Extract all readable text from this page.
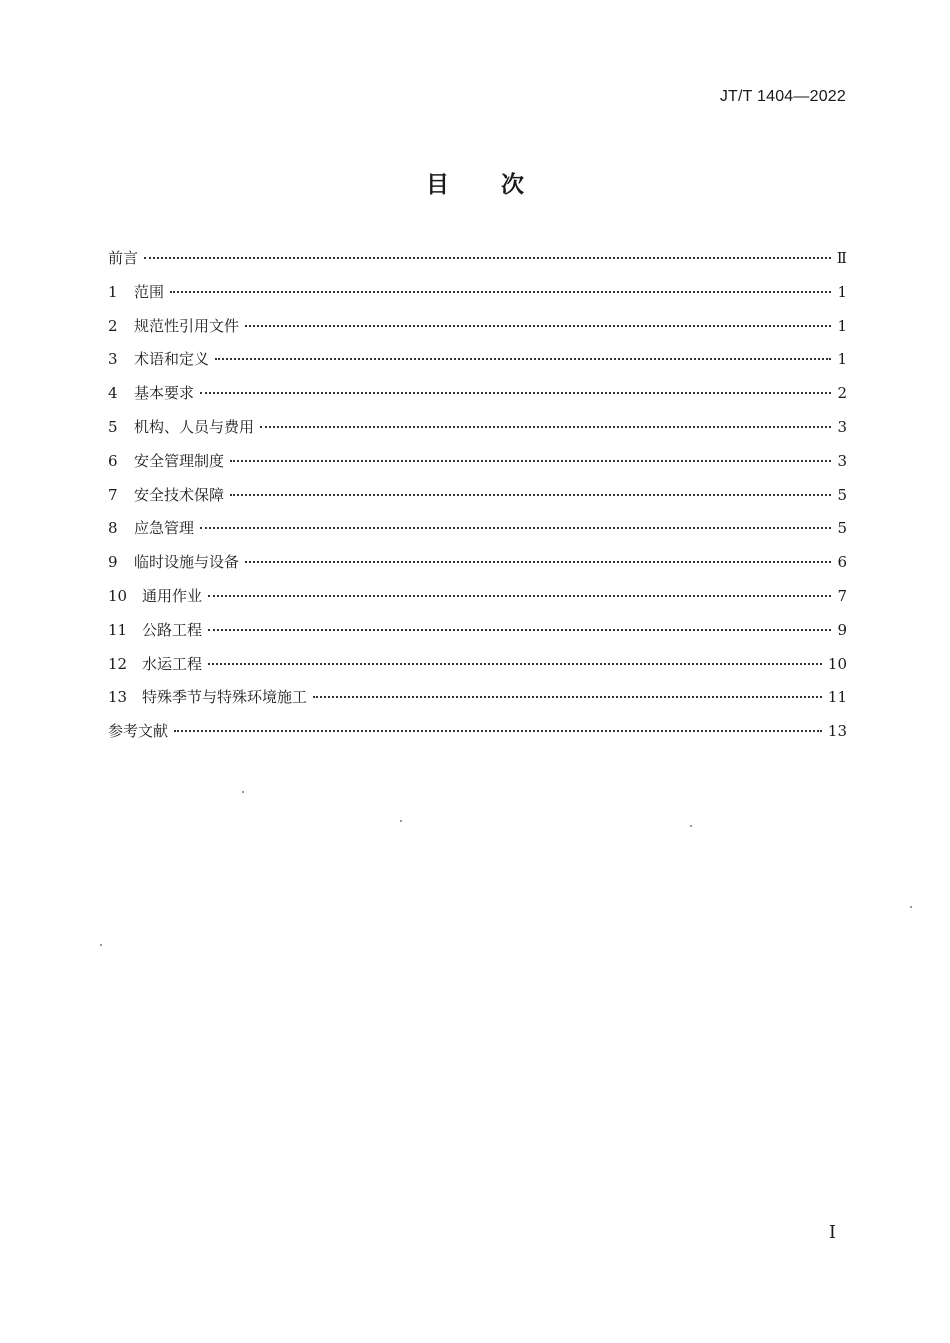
JT/T 1404—2022
目次
前言	Ⅱ
1	范围	1
2	规范性引用文件	1
3	术语和定义	1
4	基本要求	2
5	机构、人员与费用	3
6	安全管理制度	3
7	安全技术保障	5
8	应急管理	5
9	临时设施与设备	6
10 通用作业	7
11 公路工程	9
12 水运工程	10
13 特殊季节与特殊环境施工	11
参考文献	13
Ⅰ
